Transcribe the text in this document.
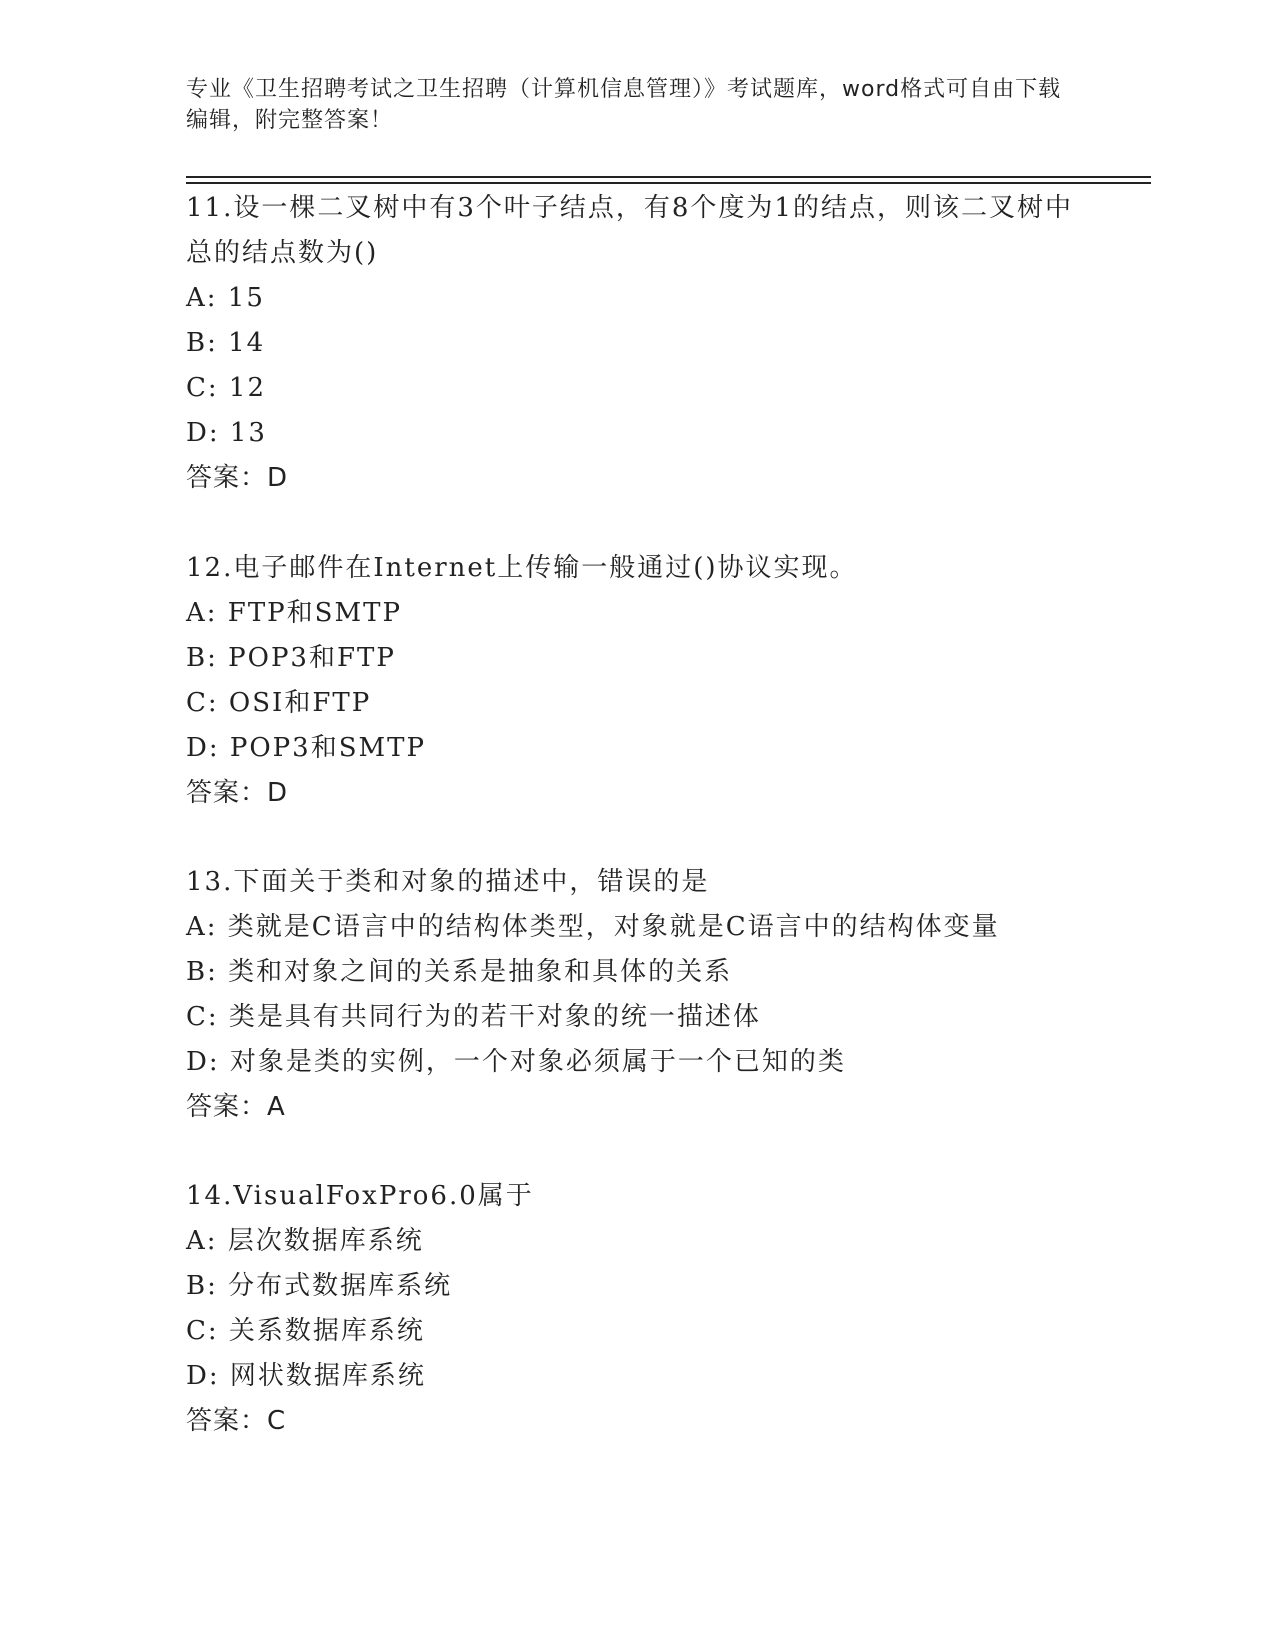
专业《卫生招聘考试之卫生招聘（计算机信息管理）》考试题库，word格式可自由下载编辑，附完整答案！

11.设一棵二叉树中有3个叶子结点，有8个度为1的结点，则该二叉树中总的结点数为()

A: 15

B: 14

C: 12

D: 13

答案：D

12.电子邮件在Internet上传输一般通过()协议实现。

A: FTP和SMTP

B: POP3和FTP

C: OSI和FTP

D: POP3和SMTP

答案：D

13.下面关于类和对象的描述中，错误的是

A: 类就是C语言中的结构体类型，对象就是C语言中的结构体变量

B: 类和对象之间的关系是抽象和具体的关系

C: 类是具有共同行为的若干对象的统一描述体

D: 对象是类的实例，一个对象必须属于一个已知的类

答案：A

14.VisualFoxPro6.0属于

A: 层次数据库系统

B: 分布式数据库系统

C: 关系数据库系统

D: 网状数据库系统

答案：C
